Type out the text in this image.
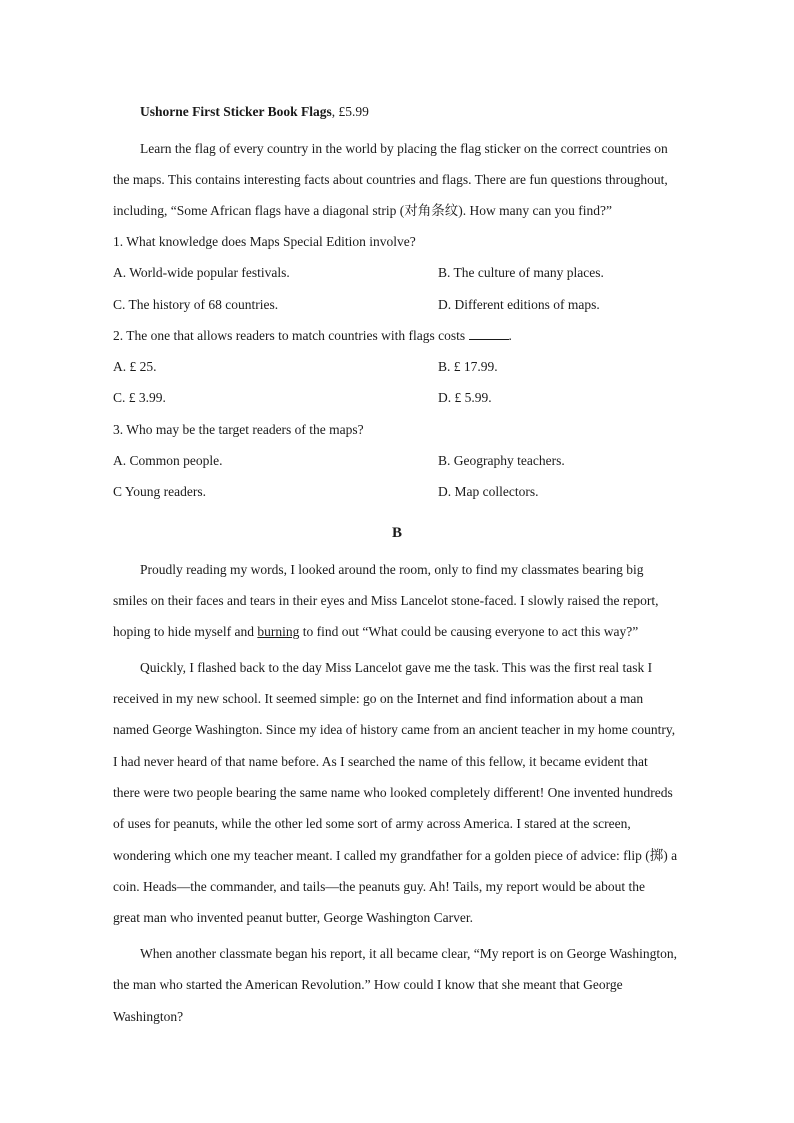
Ushorne First Sticker Book Flags, £5.99
Learn the flag of every country in the world by placing the flag sticker on the correct countries on
the maps. This contains interesting facts about countries and flags. There are fun questions throughout,
including, “Some African flags have a diagonal strip (对角条纹). How many can you find?”
1. What knowledge does Maps Special Edition involve?
A. World-wide popular festivals.	B. The culture of many places.
C. The history of 68 countries.	D. Different editions of maps.
2. The one that allows readers to match countries with flags costs	.
A. £ 25.	B. £ 17.99.
C. £ 3.99.	D. £ 5.99.
3. Who may be the target readers of the maps?
A. Common people.	B. Geography teachers.
C Young readers.	D. Map collectors.
B
Proudly reading my words, I looked around the room, only to find my classmates bearing big
smiles on their faces and tears in their eyes and Miss Lancelot stone-faced. I slowly raised the report,
hoping to hide myself and burning to find out “What could be causing everyone to act this way?”
Quickly, I flashed back to the day Miss Lancelot gave me the task. This was the first real task I
received in my new school. It seemed simple: go on the Internet and find information about a man
named George Washington. Since my idea of history came from an ancient teacher in my home country,
I had never heard of that name before. As I searched the name of this fellow, it became evident that
there were two people bearing the same name who looked completely different! One invented hundreds
of uses for peanuts, while the other led some sort of army across America. I stared at the screen,
wondering which one my teacher meant. I called my grandfather for a golden piece of advice: flip (掷) a
coin. Heads—the commander, and tails—the peanuts guy. Ah! Tails, my report would be about the
great man who invented peanut butter, George Washington Carver.
When another classmate began his report, it all became clear, “My report is on George Washington,
the man who started the American Revolution.” How could I know that she meant that George
Washington?
